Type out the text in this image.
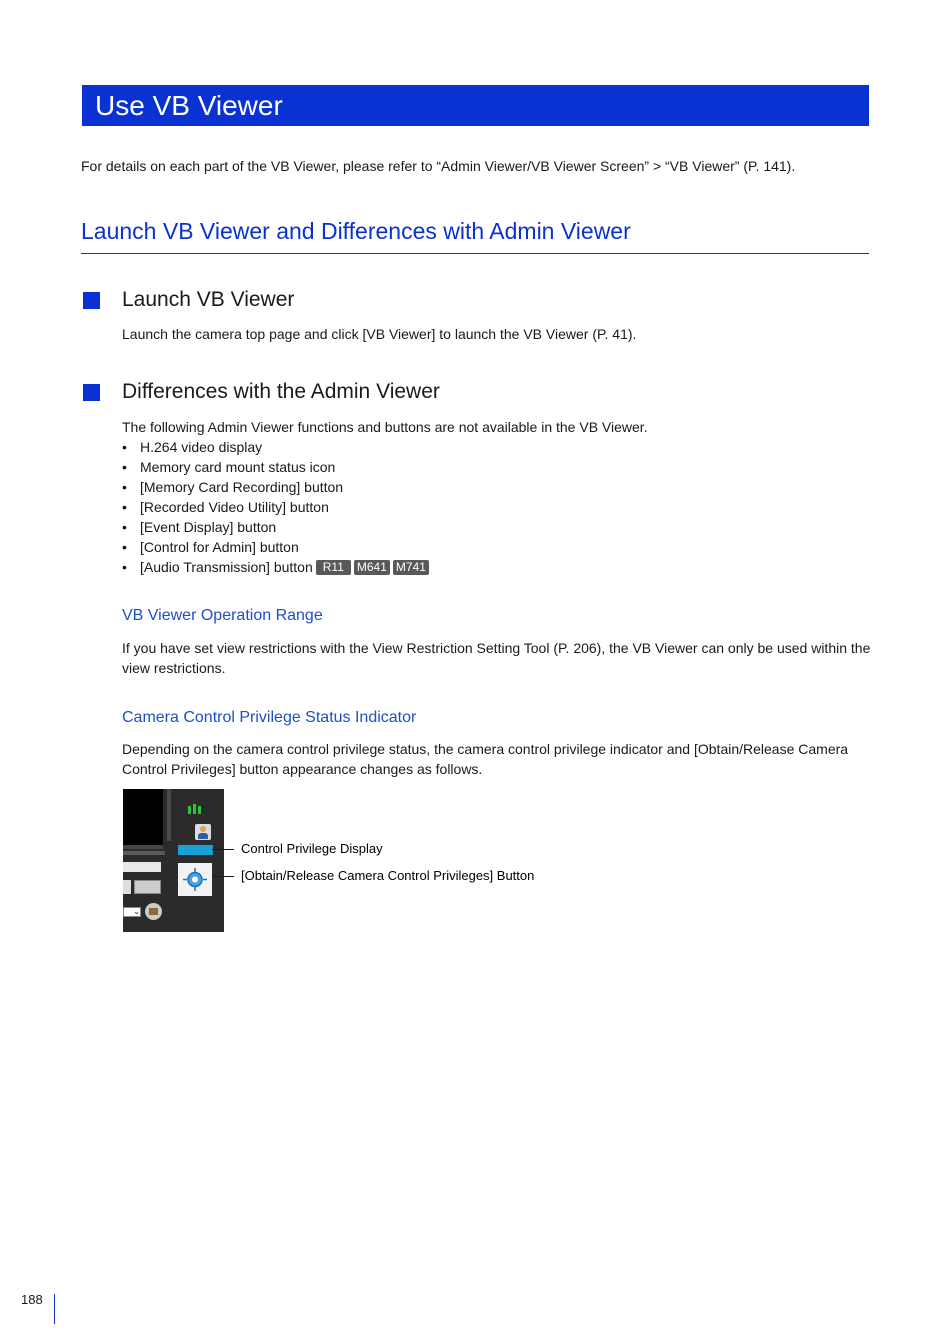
Use VB Viewer
For details on each part of the VB Viewer, please refer to “Admin Viewer/VB Viewer Screen” > “VB Viewer” (P. 141).
Launch VB Viewer and Differences with Admin Viewer
Launch VB Viewer
Launch the camera top page and click [VB Viewer] to launch the VB Viewer (P. 41).
Differences with the Admin Viewer
The following Admin Viewer functions and buttons are not available in the VB Viewer.
• H.264 video display
• Memory card mount status icon
• [Memory Card Recording] button
• [Recorded Video Utility] button
• [Event Display] button
• [Control for Admin] button
• [Audio Transmission] button R11	M641 M741
VB Viewer Operation Range
If you have set view restrictions with the View Restriction Setting Tool (P. 206), the VB Viewer can only be used within the view restrictions.
Camera Control Privilege Status Indicator
Depending on the camera control privilege status, the camera control privilege indicator and [Obtain/Release Camera Control Privileges] button appearance changes as follows.
⌄
Control Privilege Display
[Obtain/Release Camera Control Privileges] Button
188
